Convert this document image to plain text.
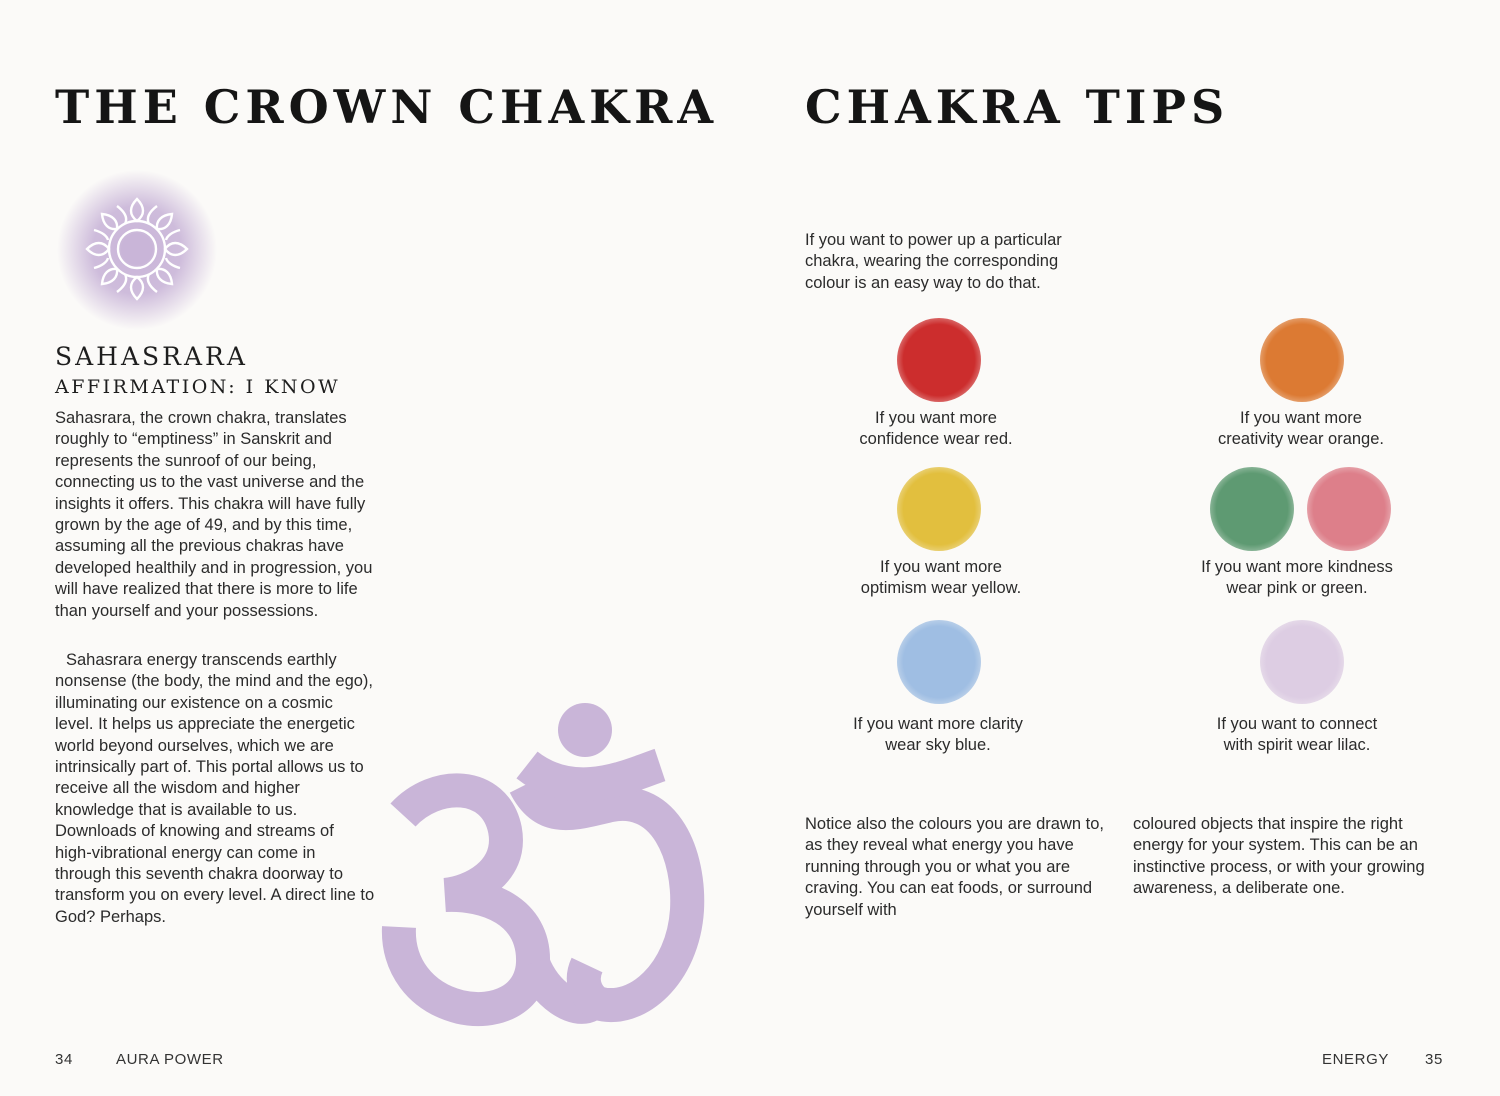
THE CROWN CHAKRA
SAHASRARA
AFFIRMATION: I KNOW

Sahasrara, the crown chakra, translates roughly to “emptiness” in Sanskrit and represents the sunroof of our being, connecting us to the vast universe and the insights it offers. This chakra will have fully grown by the age of 49, and by this time, assuming all the previous chakras have developed healthily and in progression, you will have realized that there is more to life than yourself and your possessions.

Sahasrara energy transcends earthly nonsense (the body, the mind and the ego), illuminating our existence on a cosmic level. It helps us appreciate the energetic world beyond ourselves, which we are intrinsically part of. This portal allows us to receive all the wisdom and higher knowledge that is available to us. Downloads of knowing and streams of high-vibrational energy can come in through this seventh chakra doorway to transform you on every level. A direct line to God? Perhaps.

34	AURA POWER
CHAKRA TIPS

If you want to power up a particular chakra, wearing the corresponding colour is an easy way to do that.

If you want more confidence wear red.
If you want more creativity wear orange.
If you want more optimism wear yellow.
If you want more kindness wear pink or green.
If you want more clarity wear sky blue.
If you want to connect with spirit wear lilac.

Notice also the colours you are drawn to, as they reveal what energy you have running through you or what you are craving. You can eat foods, or surround yourself with

coloured objects that inspire the right energy for your system. This can be an instinctive process, or with your growing awareness, a deliberate one.

ENERGY 35
